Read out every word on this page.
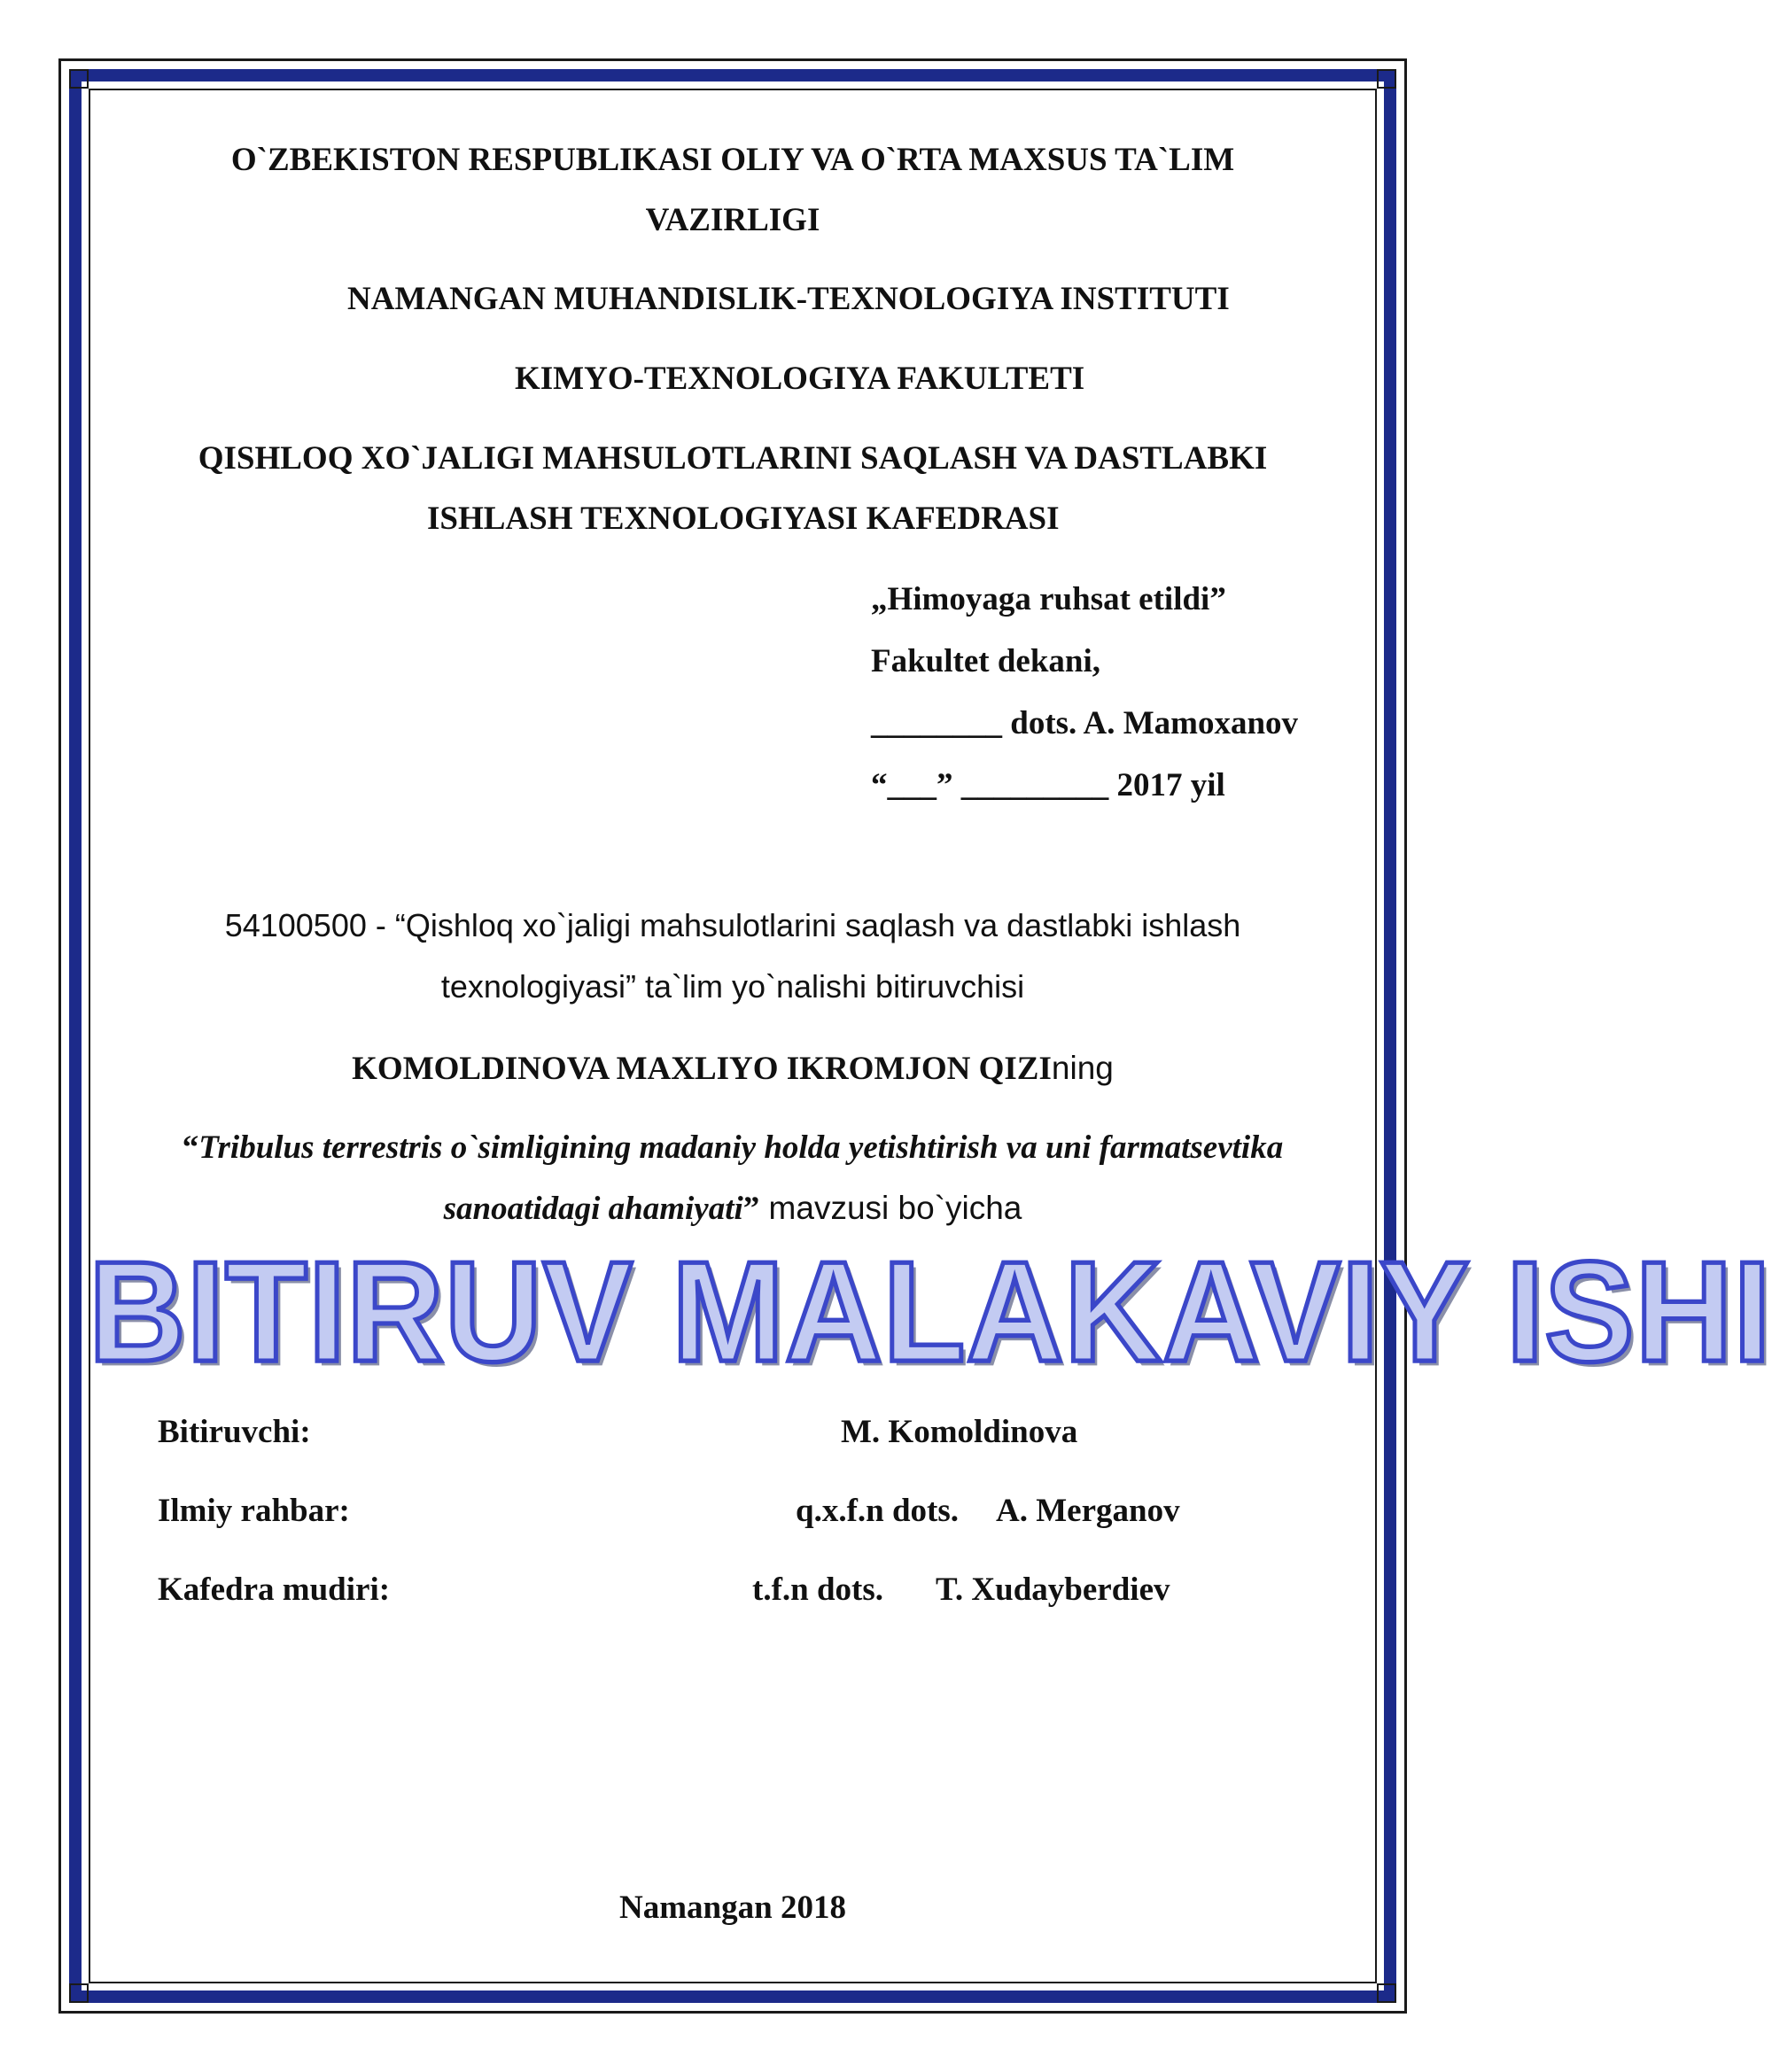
O`ZBEKISTON RESPUBLIKASI OLIY VA O`RTA MAXSUS TA`LIM
VAZIRLIGI
NAMANGAN MUHANDISLIK-TEXNOLOGIYA INSTITUTI
KIMYO-TEXNOLOGIYA FAKULTETI
QISHLOQ XO`JALIGI MAHSULOTLARINI SAQLASH VA DASTLABKI
ISHLASH TEXNOLOGIYASI KAFEDRASI
„Himoyaga ruhsat etildi”
Fakultet dekani,
________ dots. A. Mamoxanov
“___” _________ 2017 yil
54100500 - “Qishloq xo`jaligi mahsulotlarini saqlash va dastlabki ishlash
texnologiyasi” ta`lim yo`nalishi bitiruvchisi
KOMOLDINOVA MAXLIYO IKROMJON QIZIning
“Tribulus terrestris o`simligining madaniy holda yetishtirish va uni farmatsevtika
sanoatidagi ahamiyati” mavzusi bo`yicha
BITIRUV MALAKAVIY ISHI
Bitiruvchi:	M. Komoldinova
Ilmiy rahbar:	q.x.f.n dots. A. Merganov
Kafedra mudiri:	t.f.n dots. T. Xudayberdiev
Namangan 2018
